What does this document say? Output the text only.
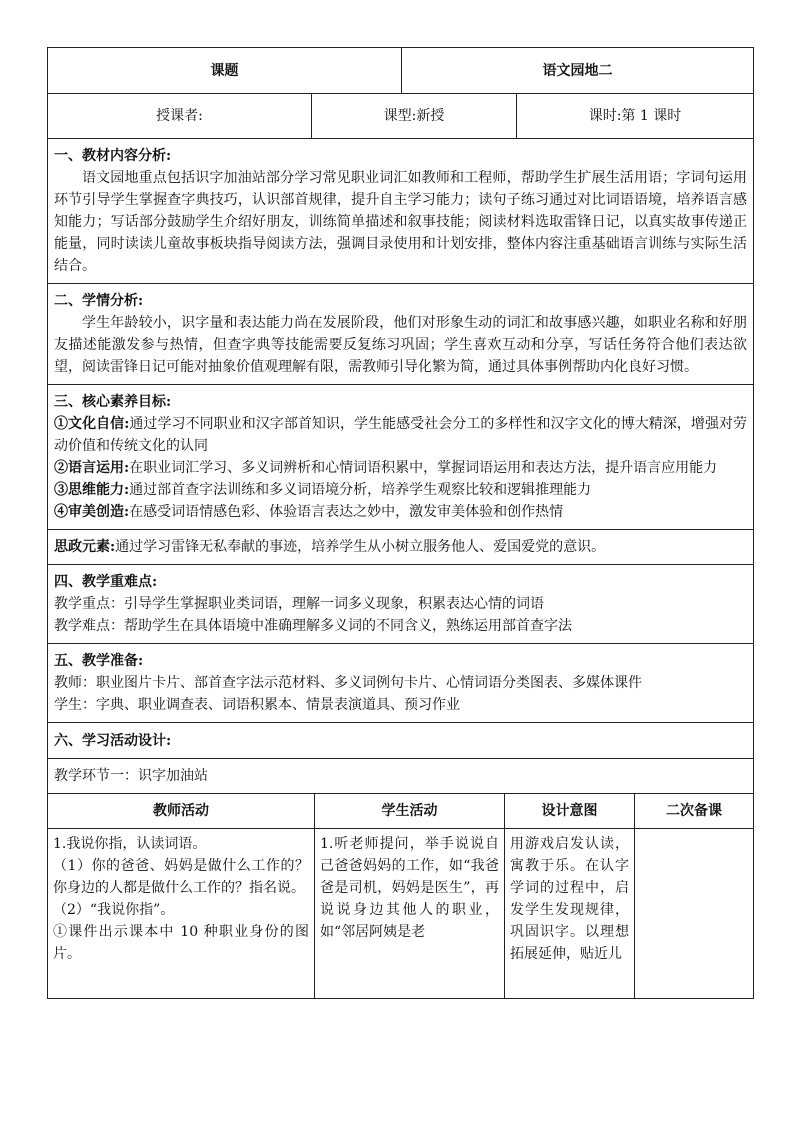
课题		语文园地二	
授课者:	课型:新授		课时:第 1 课时

一、教材内容分析:

语文园地重点包括识字加油站部分学习常见职业词汇如教师和工程师，帮助学生扩展生活用语；字词句运用环节引导学生掌握查字典技巧，认识部首规律，提升自主学习能力；读句子练习通过对比词语语境，培养语言感知能力；写话部分鼓励学生介绍好朋友，训练简单描述和叙事技能；阅读材料选取雷锋日记，以真实故事传递正能量，同时读读儿童故事板块指导阅读方法，强调目录使用和计划安排，整体内容注重基础语言训练与实际生活结合。			

二、学情分析:

学生年龄较小，识字量和表达能力尚在发展阶段，他们对形象生动的词汇和故事感兴趣，如职业名称和好朋友描述能激发参与热情，但查字典等技能需要反复练习巩固；学生喜欢互动和分享，写话任务符合他们表达欲望，阅读雷锋日记可能对抽象价值观理解有限，需教师引导化繁为简，通过具体事例帮助内化良好习惯。			

三、核心素养目标:

①文化自信:通过学习不同职业和汉字部首知识，学生能感受社会分工的多样性和汉字文化的博大精深，增强对劳动价值和传统文化的认同

②语言运用:在职业词汇学习、多义词辨析和心情词语积累中，掌握词语运用和表达方法，提升语言应用能力

③思维能力:通过部首查字法训练和多义词语境分析，培养学生观察比较和逻辑推理能力

④审美创造:在感受词语情感色彩、体验语言表达之妙中，激发审美体验和创作热情			

思政元素:通过学习雷锋无私奉献的事迹，培养学生从小树立服务他人、爱国爱党的意识。			

四、教学重难点:

教学重点：引导学生掌握职业类词语，理解一词多义现象，积累表达心情的词语

教学难点：帮助学生在具体语境中准确理解多义词的不同含义，熟练运用部首查字法			

五、教学准备:

教师：职业图片卡片、部首查字法示范材料、多义词例句卡片、心情词语分类图表、多媒体课件

学生：字典、职业调查表、词语积累本、情景表演道具、预习作业			

六、学习活动设计:			

教学环节一：识字加油站			
教师活动	学生活动	设计意图	二次备课

1.我说你指，认读词语。

（1）你的爸爸、妈妈是做什么工作的？你身边的人都是做什么工作的？指名说。

（2）“我说你指”。

①课件出示课本中 10 种职业身份的图片。	1.听老师提问，举手说说自己爸爸妈妈的工作，如“我爸爸是司机，妈妈是医生”，再说说身边其他人的职业，如“邻居阿姨是老	用游戏启发认读，寓教于乐。在认字学词的过程中，启发学生发现规律，巩固识字。以理想拓展延伸，贴近儿	
